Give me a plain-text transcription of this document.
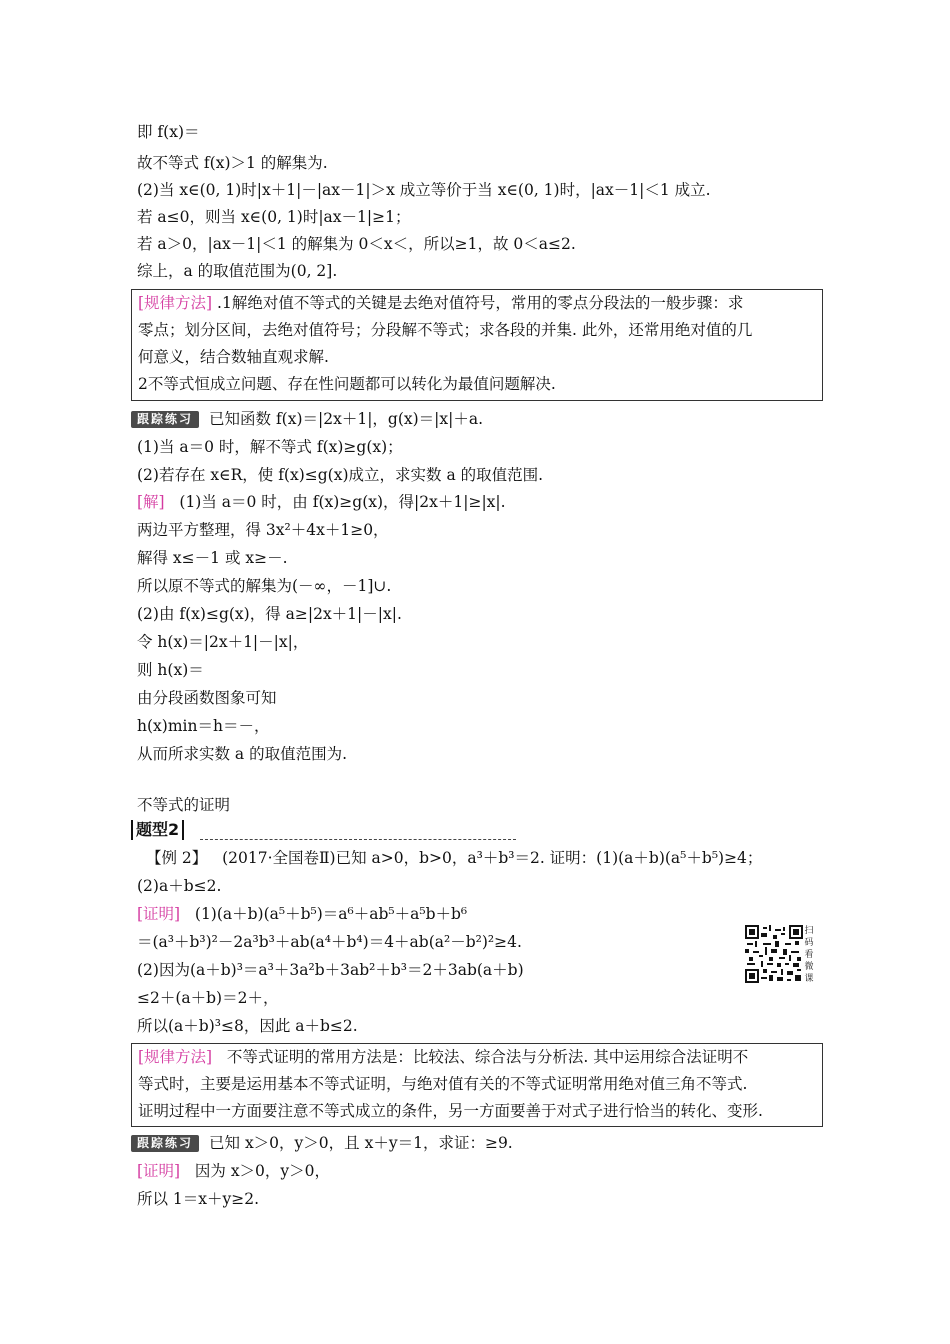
即 f(x)＝
故不等式 f(x)＞1 的解集为.
(2)当 x∈(0, 1)时|x＋1|－|ax－1|＞x 成立等价于当 x∈(0, 1)时，|ax－1|＜1 成立.
若 a≤0，则当 x∈(0, 1)时|ax－1|≥1；
若 a＞0，|ax－1|＜1 的解集为 0＜x＜，所以≥1，故 0＜a≤2.
综上，a 的取值范围为(0, 2].
[规律方法] .1解绝对值不等式的关键是去绝对值符号，常用的零点分段法的一般步骤：求
零点；划分区间，去绝对值符号；分段解不等式；求各段的并集. 此外，还常用绝对值的几
何意义，结合数轴直观求解.
2不等式恒成立问题、存在性问题都可以转化为最值问题解决.
跟踪练习 已知函数 f(x)＝|2x＋1|，g(x)＝|x|＋a.
(1)当 a＝0 时，解不等式 f(x)≥g(x)；
(2)若存在 x∈R，使 f(x)≤g(x)成立，求实数 a 的取值范围.
[解] (1)当 a＝0 时，由 f(x)≥g(x)，得|2x＋1|≥|x|.
两边平方整理，得 3x²＋4x＋1≥0，
解得 x≤－1 或 x≥－.
所以原不等式的解集为(－∞，－1]∪.
(2)由 f(x)≤g(x)，得 a≥|2x＋1|－|x|.
令 h(x)＝|2x＋1|－|x|，
则 h(x)＝
由分段函数图象可知
h(x)min＝h＝－，
从而所求实数 a 的取值范围为.
不等式的证明
题型2
【例 2】 (2017·全国卷Ⅱ)已知 a>0，b>0，a³＋b³＝2. 证明：(1)(a＋b)(a⁵＋b⁵)≥4；
(2)a＋b≤2.
[证明] (1)(a＋b)(a⁵＋b⁵)＝a⁶＋ab⁵＋a⁵b＋b⁶
＝(a³＋b³)²－2a³b³＋ab(a⁴＋b⁴)＝4＋ab(a²－b²)²≥4.
(2)因为(a＋b)³＝a³＋3a²b＋3ab²＋b³＝2＋3ab(a＋b)
≤2＋(a＋b)＝2＋，
所以(a＋b)³≤8，因此 a＋b≤2.
扫码看微课
[规律方法] 不等式证明的常用方法是：比较法、综合法与分析法. 其中运用综合法证明不
等式时，主要是运用基本不等式证明，与绝对值有关的不等式证明常用绝对值三角不等式.
证明过程中一方面要注意不等式成立的条件，另一方面要善于对式子进行恰当的转化、变形.
跟踪练习 已知 x＞0，y＞0，且 x＋y＝1，求证：≥9.
[证明] 因为 x＞0，y＞0，
所以 1＝x＋y≥2.
